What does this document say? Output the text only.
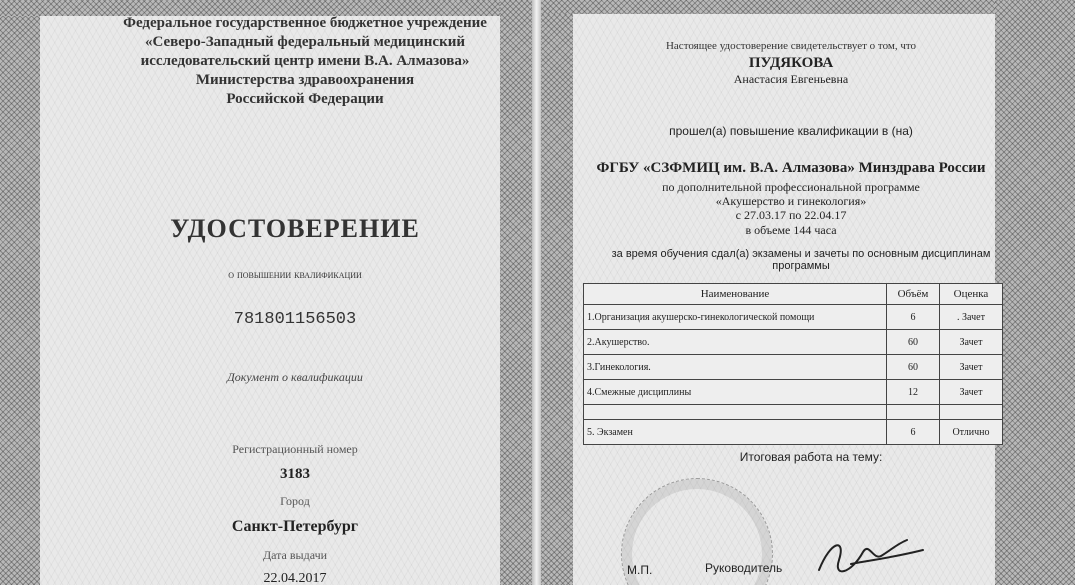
Федеральное государственное бюджетное учреждение
«Северо-Западный федеральный медицинский
исследовательский центр имени В.А. Алмазова»
Министерства здравоохранения
Российской Федерации
УДОСТОВЕРЕНИЕ
о повышении квалификации
781801156503
Документ о квалификации
Регистрационный номер
3183
Город
Санкт-Петербург
Дата выдачи
22.04.2017
Настоящее удостоверение свидетельствует о том, что
ПУДЯКОВА
Анастасия Евгеньевна
прошел(а) повышение квалификации в (на)
ФГБУ «СЗФМИЦ им. В.А. Алмазова» Минздрава России
по дополнительной профессиональной программе
«Акушерство и гинекология»
с 27.03.17 по 22.04.17
в объеме 144 часа
за время обучения сдал(а) экзамены и зачеты по основным дисциплинам программы
Наименование	Объём	Оценка
1.Организация акушерско-гинекологической помощи	6	. Зачет
2.Акушерство.	60	Зачет
3.Гинекология.	60	Зачет
4.Смежные дисциплины	12	Зачет

5. Экзамен	6	Отлично
Итоговая работа на тему:
М.П.	Руководитель
